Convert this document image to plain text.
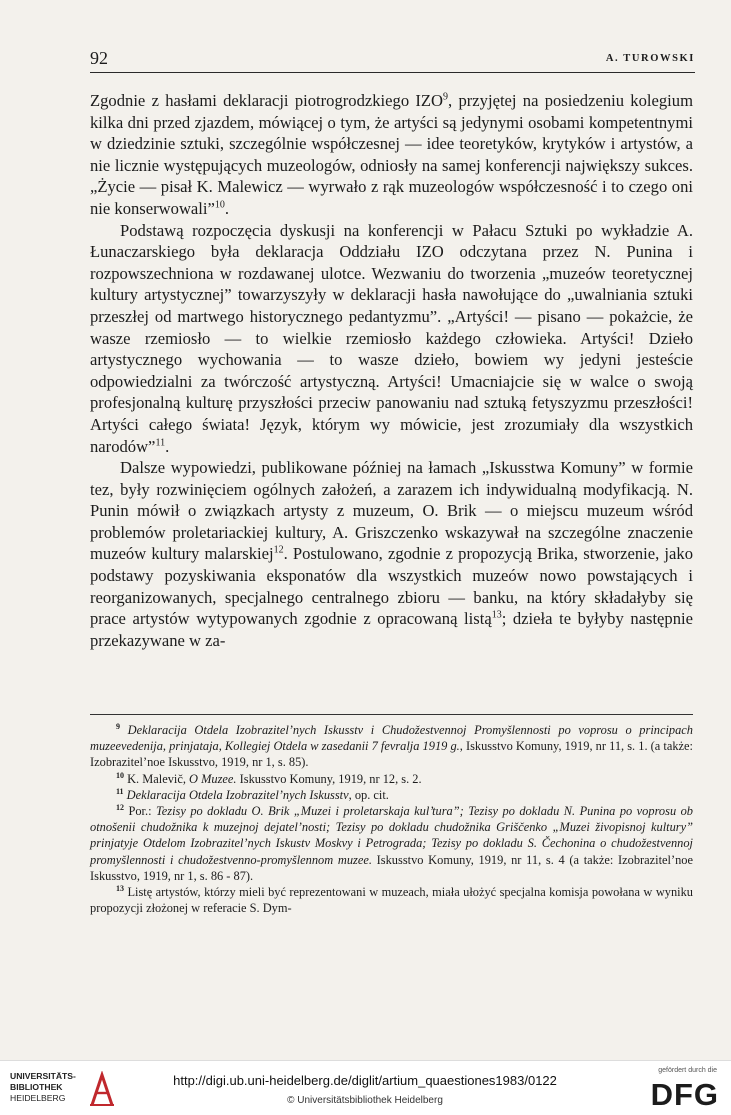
92	A. TUROWSKI

Zgodnie z hasłami deklaracji piotrogrodzkiego IZO$^9$, przyjętej na posiedzeniu kolegium kilka dni przed zjazdem, mówiącej o tym, że artyści są jedynymi osobami kompetentnymi w dziedzinie sztuki, szczególnie współczesnej — idee teoretyków, krytyków i artystów, a nie licznie występujących muzeologów, odniosły na samej konferencji największy sukces. „Życie — pisał K. Malewicz — wyrwało z rąk muzeologów współczesność i to czego oni nie konserwowali”$^{10}$.

Podstawą rozpoczęcia dyskusji na konferencji w Pałacu Sztuki po wykładzie A. Łunaczarskiego była deklaracja Oddziału IZO odczytana przez N. Punina i rozpowszechniona w rozdawanej ulotce. Wezwaniu do tworzenia „muzeów teoretycznej kultury artystycznej” towarzyszyły w deklaracji hasła nawołujące do „uwalniania sztuki przeszłej od martwego historycznego pedantyzmu”. „Artyści! — pisano — pokażcie, że wasze rzemiosło — to wielkie rzemiosło każdego człowieka. Artyści! Dzieło artystycznego wychowania — to wasze dzieło, bowiem wy jedyni jesteście odpowiedzialni za twórczość artystyczną. Artyści! Umacniajcie się w walce o swoją profesjonalną kulturę przyszłości przeciw panowaniu nad sztuką fetyszyzmu przeszłości! Artyści całego świata! Język, którym wy mówicie, jest zrozumiały dla wszystkich narodów”$^{11}$.

Dalsze wypowiedzi, publikowane później na łamach „Iskusstwa Komuny” w formie tez, były rozwinięciem ogólnych założeń, a zarazem ich indywidualną modyfikacją. N. Punin mówił o związkach artysty z muzeum, O. Brik — o miejscu muzeum wśród problemów proletariackiej kultury, A. Griszczenko wskazywał na szczególne znaczenie muzeów kultury malarskiej$^{12}$. Postulowano, zgodnie z propozycją Brika, stworzenie, jako podstawy pozyskiwania eksponatów dla wszystkich muzeów nowo powstających i reorganizowanych, specjalnego centralnego zbioru — banku, na który składałyby się prace artystów wytypowanych zgodnie z opracowaną listą$^{13}$; dzieła te byłyby następnie przekazywane w za-

$^9$ Deklaracija Otdela Izobrazitel’nych Iskusstv i Chudožestvennoj Promyšlennosti po voprosu o principach muzeevedenija, prinjataja, Kollegiej Otdela w zasedanii 7 fevralja 1919 g., Iskusstvo Komuny, 1919, nr 11, s. 1. (a także: Izobrazitel’noe Iskusstvo, 1919, nr 1, s. 85).

$^{10}$ K. Malevič, O Muzee. Iskusstvo Komuny, 1919, nr 12, s. 2.

$^{11}$ Deklaracija Otdela Izobrazitel’nych Iskusstv, op. cit.

$^{12}$ Por.: Tezisy po dokladu O. Brik „Muzei i proletarskaja kul’tura”; Tezisy po dokladu N. Punina po voprosu ob otnošenii chudožnika k muzejnoj dejatel’nosti; Tezisy po dokladu chudožnika Griščenko „Muzei živopisnoj kultury” prinjatyje Otdelom Izobrazitel’nych Iskustv Moskvy i Petrograda; Tezisy po dokladu S. Čechonina o chudožestvennoj promyšlennosti i chudožestvenno-promyšlennom muzee. Iskusstvo Komuny, 1919, nr 11, s. 4 (a także: Izobrazitel’noe Iskusstvo, 1919, nr 1, s. 86 - 87).

$^{13}$ Listę artystów, którzy mieli być reprezentowani w muzeach, miała ułożyć specjalna komisja powołana w wyniku propozycji złożonej w referacie S. Dym-

UNIVERSITÄTS-
BIBLIOTHEK
HEIDELBERG
http://digi.ub.uni-heidelberg.de/diglit/artium_quaestiones1983/0122
© Universitätsbibliothek Heidelberg
gefördert durch die
DFG
